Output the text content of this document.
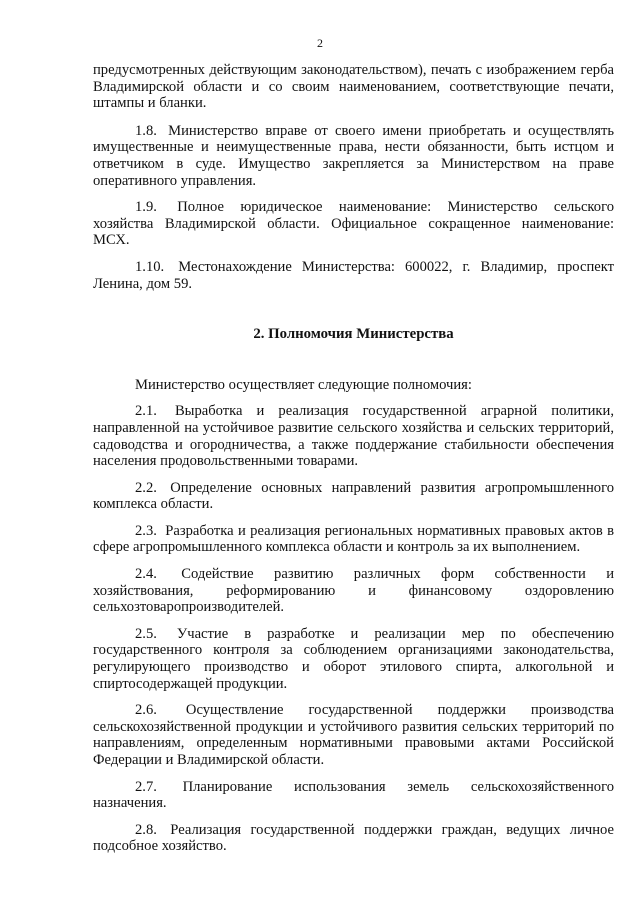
2

предусмотренных действующим законодательством), печать с изображением герба Владимирской области и со своим наименованием, соответствующие печати, штампы и бланки.

1.8. Министерство вправе от своего имени приобретать и осуществлять имущественные и неимущественные права, нести обязанности, быть истцом и ответчиком в суде. Имущество закрепляется за Министерством на праве оперативного управления.

1.9. Полное юридическое наименование: Министерство сельского хозяйства Владимирской области. Официальное сокращенное наименование: МСХ.

1.10. Местонахождение Министерства: 600022, г. Владимир, проспект Ленина, дом 59.

2. Полномочия Министерства

Министерство осуществляет следующие полномочия:

2.1. Выработка и реализация государственной аграрной политики, направленной на устойчивое развитие сельского хозяйства и сельских территорий, садоводства и огородничества, а также поддержание стабильности обеспечения населения продовольственными товарами.

2.2. Определение основных направлений развития агропромышленного комплекса области.

2.3. Разработка и реализация региональных нормативных правовых актов в сфере агропромышленного комплекса области и контроль за их выполнением.

2.4. Содействие развитию различных форм собственности и хозяйствования, реформированию и финансовому оздоровлению сельхозтоваропроизводителей.

2.5. Участие в разработке и реализации мер по обеспечению государственного контроля за соблюдением организациями законодательства, регулирующего производство и оборот этилового спирта, алкогольной и спиртосодержащей продукции.

2.6. Осуществление государственной поддержки производства сельскохозяйственной продукции и устойчивого развития сельских территорий по направлениям, определенным нормативными правовыми актами Российской Федерации и Владимирской области.

2.7. Планирование использования земель сельскохозяйственного назначения.

2.8. Реализация государственной поддержки граждан, ведущих личное подсобное хозяйство.
